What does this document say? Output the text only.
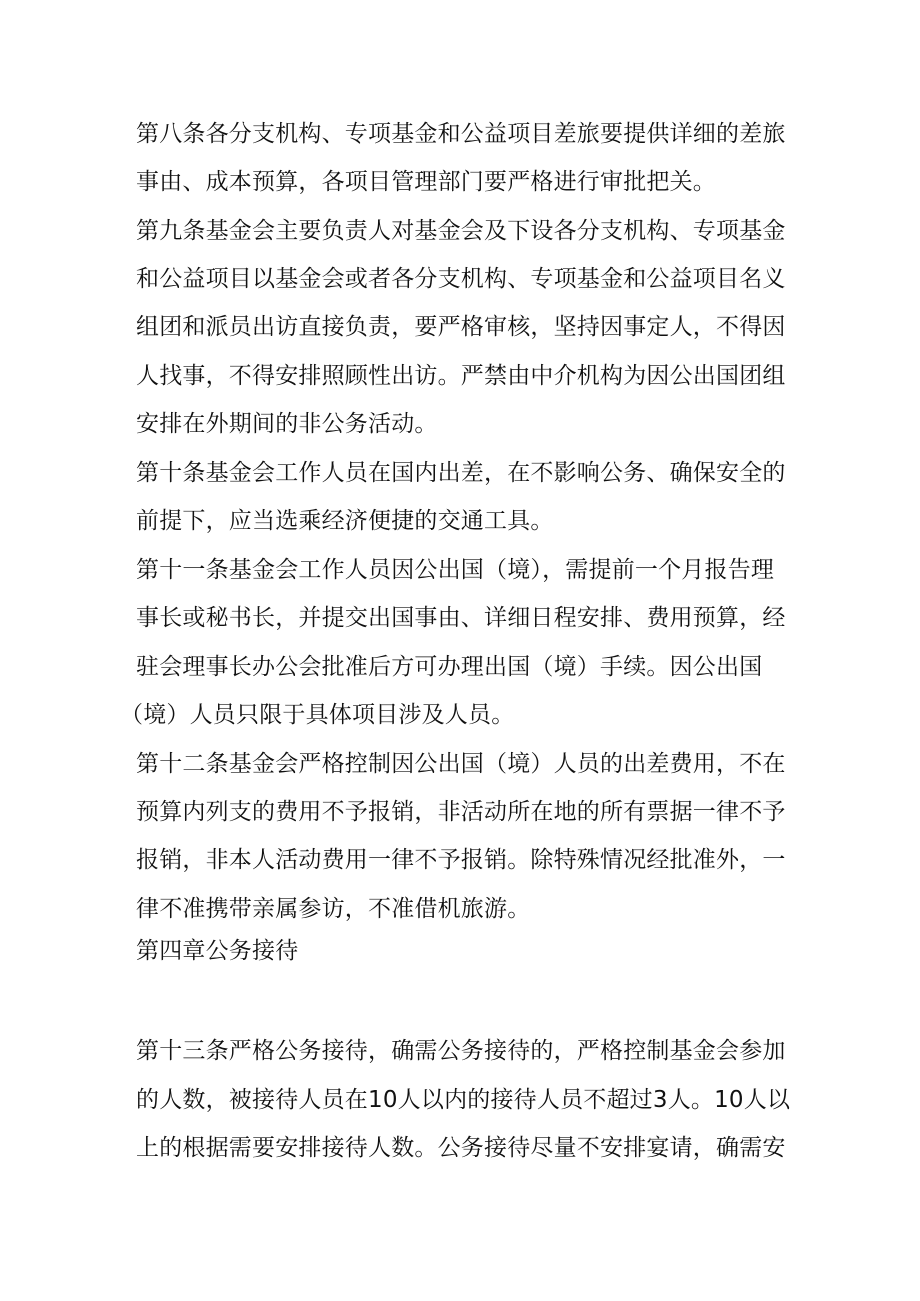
第八条各分支机构、专项基金和公益项目差旅要提供详细的差旅
事由、成本预算，各项目管理部门要严格进行审批把关。
第九条基金会主要负责人对基金会及下设各分支机构、专项基金
和公益项目以基金会或者各分支机构、专项基金和公益项目名义
组团和派员出访直接负责，要严格审核，坚持因事定人，不得因
人找事，不得安排照顾性出访。严禁由中介机构为因公出国团组
安排在外期间的非公务活动。
第十条基金会工作人员在国内出差，在不影响公务、确保安全的
前提下，应当选乘经济便捷的交通工具。
第十一条基金会工作人员因公出国（境），需提前一个月报告理
事长或秘书长，并提交出国事由、详细日程安排、费用预算，经
驻会理事长办公会批准后方可办理出国（境）手续。因公出国
（境）人员只限于具体项目涉及人员。
第十二条基金会严格控制因公出国（境）人员的出差费用，不在
预算内列支的费用不予报销，非活动所在地的所有票据一律不予
报销，非本人活动费用一律不予报销。除特殊情况经批准外，一
律不准携带亲属参访，不准借机旅游。
第四章公务接待
第十三条严格公务接待，确需公务接待的，严格控制基金会参加
的人数，被接待人员在10人以内的接待人员不超过3人。10人以
上的根据需要安排接待人数。公务接待尽量不安排宴请，确需安
